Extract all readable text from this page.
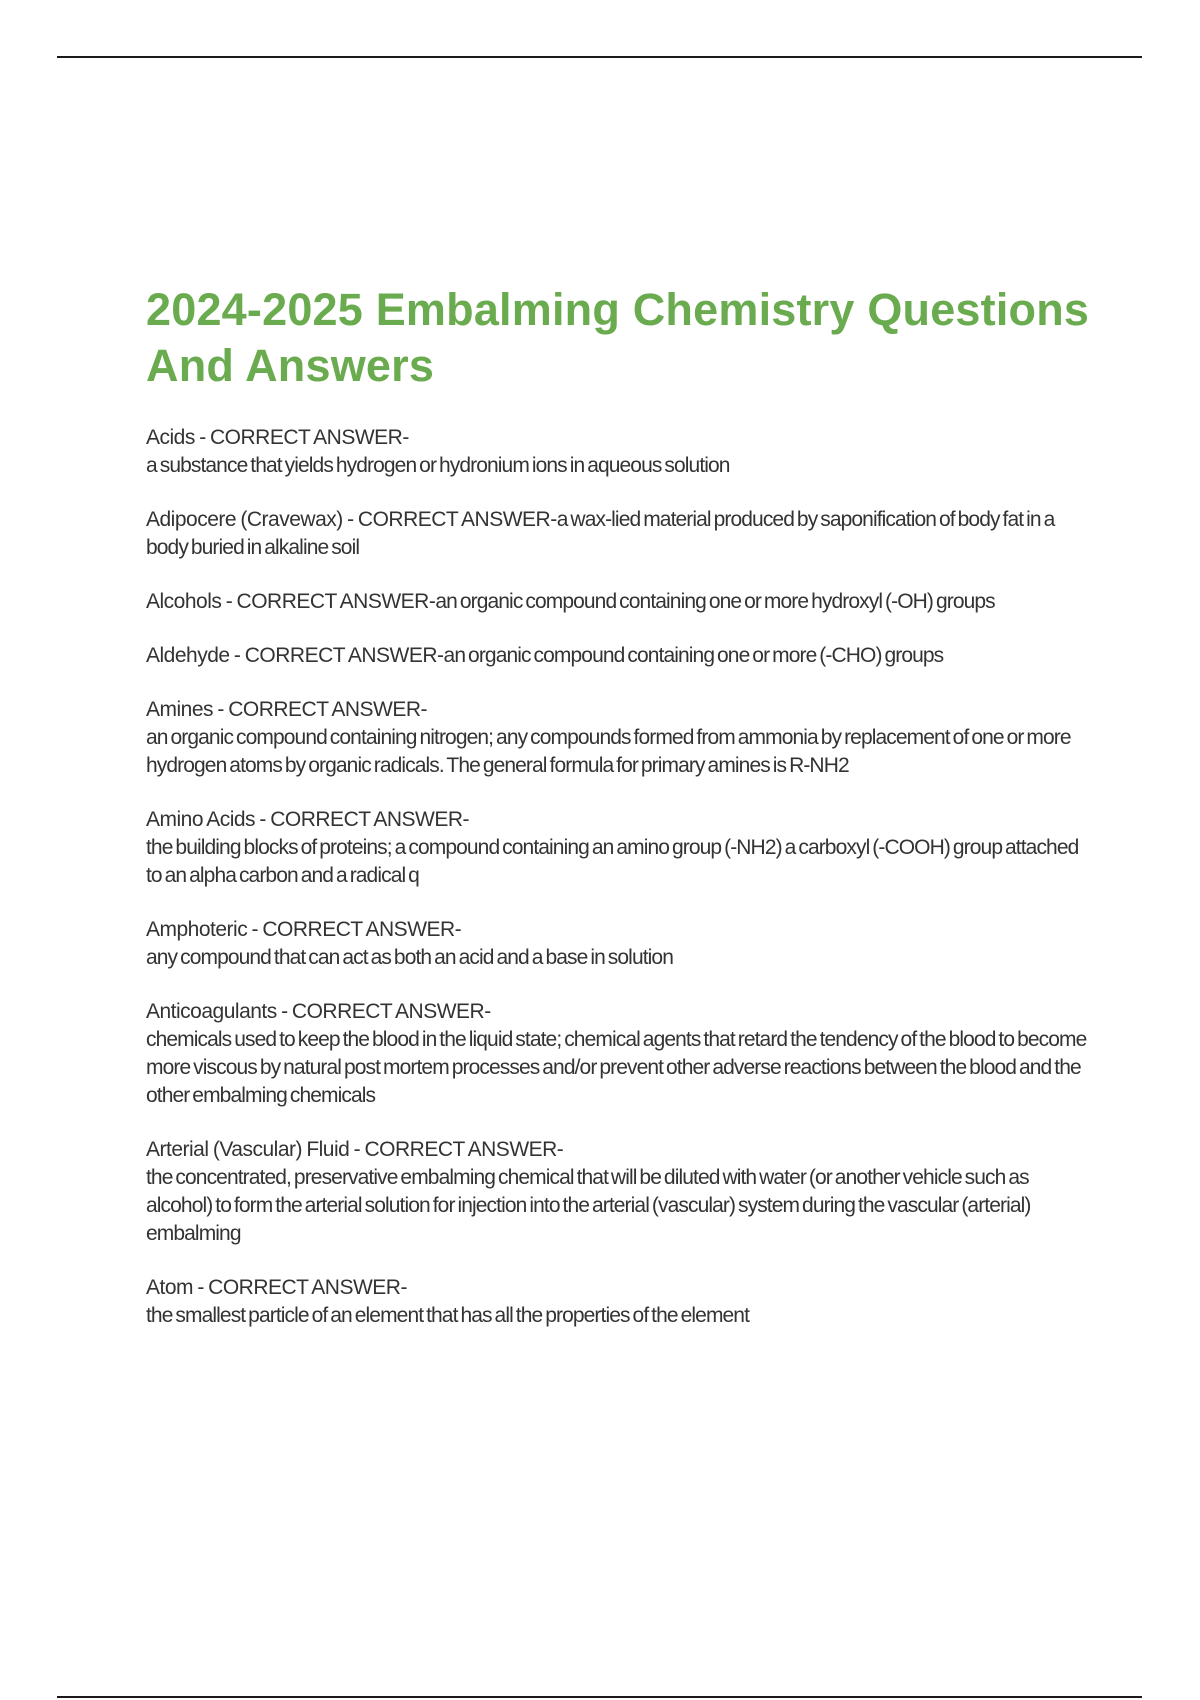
2024-2025 Embalming Chemistry Questions And Answers
Acids - CORRECT ANSWER-
a substance that yields hydrogen or hydronium ions in aqueous solution
Adipocere (Cravewax) - CORRECT ANSWER-a wax-lied material produced by saponification of body fat in a body buried in alkaline soil
Alcohols - CORRECT ANSWER-an organic compound containing one or more hydroxyl (-OH) groups
Aldehyde - CORRECT ANSWER-an organic compound containing one or more (-CHO) groups
Amines - CORRECT ANSWER-
an organic compound containing nitrogen; any compounds formed from ammonia by replacement of one or more hydrogen atoms by organic radicals. The general formula for primary amines is R-NH2
Amino Acids - CORRECT ANSWER-
the building blocks of proteins; a compound containing an amino group (-NH2) a carboxyl (-COOH) group attached to an alpha carbon and a radical q
Amphoteric - CORRECT ANSWER-
any compound that can act as both an acid and a base in solution
Anticoagulants - CORRECT ANSWER-
chemicals used to keep the blood in the liquid state; chemical agents that retard the tendency of the blood to become more viscous by natural post mortem processes and/or prevent other adverse reactions between the blood and the other embalming chemicals
Arterial (Vascular) Fluid - CORRECT ANSWER-
the concentrated, preservative embalming chemical that will be diluted with water (or another vehicle such as alcohol) to form the arterial solution for injection into the arterial (vascular) system during the vascular (arterial) embalming
Atom - CORRECT ANSWER-
the smallest particle of an element that has all the properties of the element
